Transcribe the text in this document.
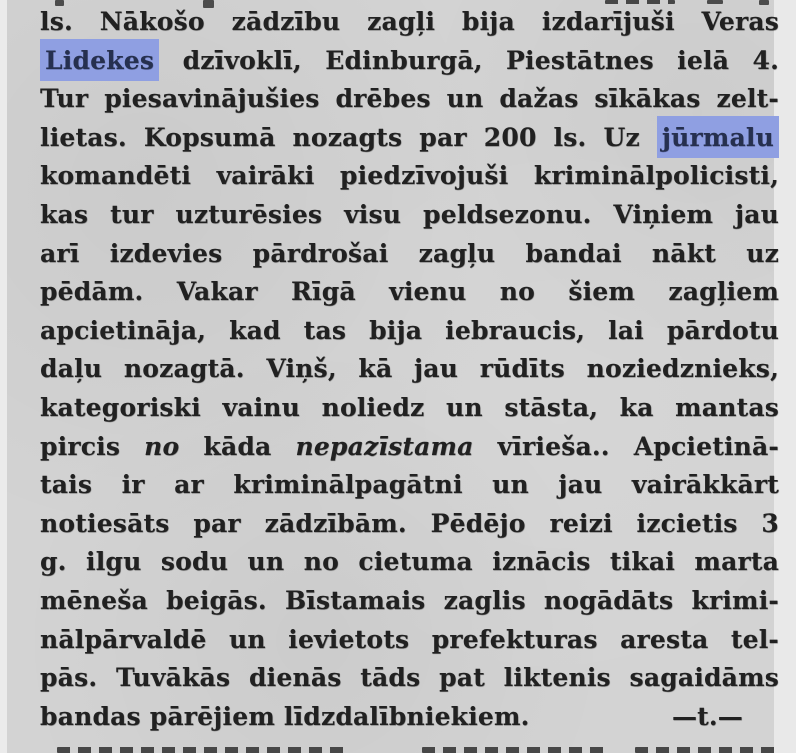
ls. Nākošo zādzību zagļi bija izdarījuši Veras
Lidekes dzīvoklī, Edinburgā, Piestātnes ielā 4.
Tur piesavinājušies drēbes un dažas sīkākas zelt-
lietas. Kopsumā nozagts par 200 ls. Uz jūrmalu
komandēti vairāki piedzīvojuši kriminālpolicisti,
kas tur uzturēsies visu peldsezonu. Viņiem jau
arī izdevies pārdrošai zagļu bandai nākt uz
pēdām. Vakar Rīgā vienu no šiem zagļiem
apcietināja, kad tas bija iebraucis, lai pārdotu
daļu nozagtā. Viņš, kā jau rūdīts noziedznieks,
kategoriski vainu noliedz un stāsta, ka mantas
pircis no kāda nepazīstama vīrieša.. Apcietinā-
tais ir ar kriminālpagātni un jau vairākkārt
notiesāts par zādzībām. Pēdējo reizi izcietis 3
g. ilgu sodu un no cietuma iznācis tikai marta
mēneša beigās. Bīstamais zaglis nogādāts krimi-
nālpārvaldē un ievietots prefekturas aresta tel-
pās. Tuvākās dienās tāds pat liktenis sagaidāms
bandas pārējiem līdzdalībniekiem.	—t.—
